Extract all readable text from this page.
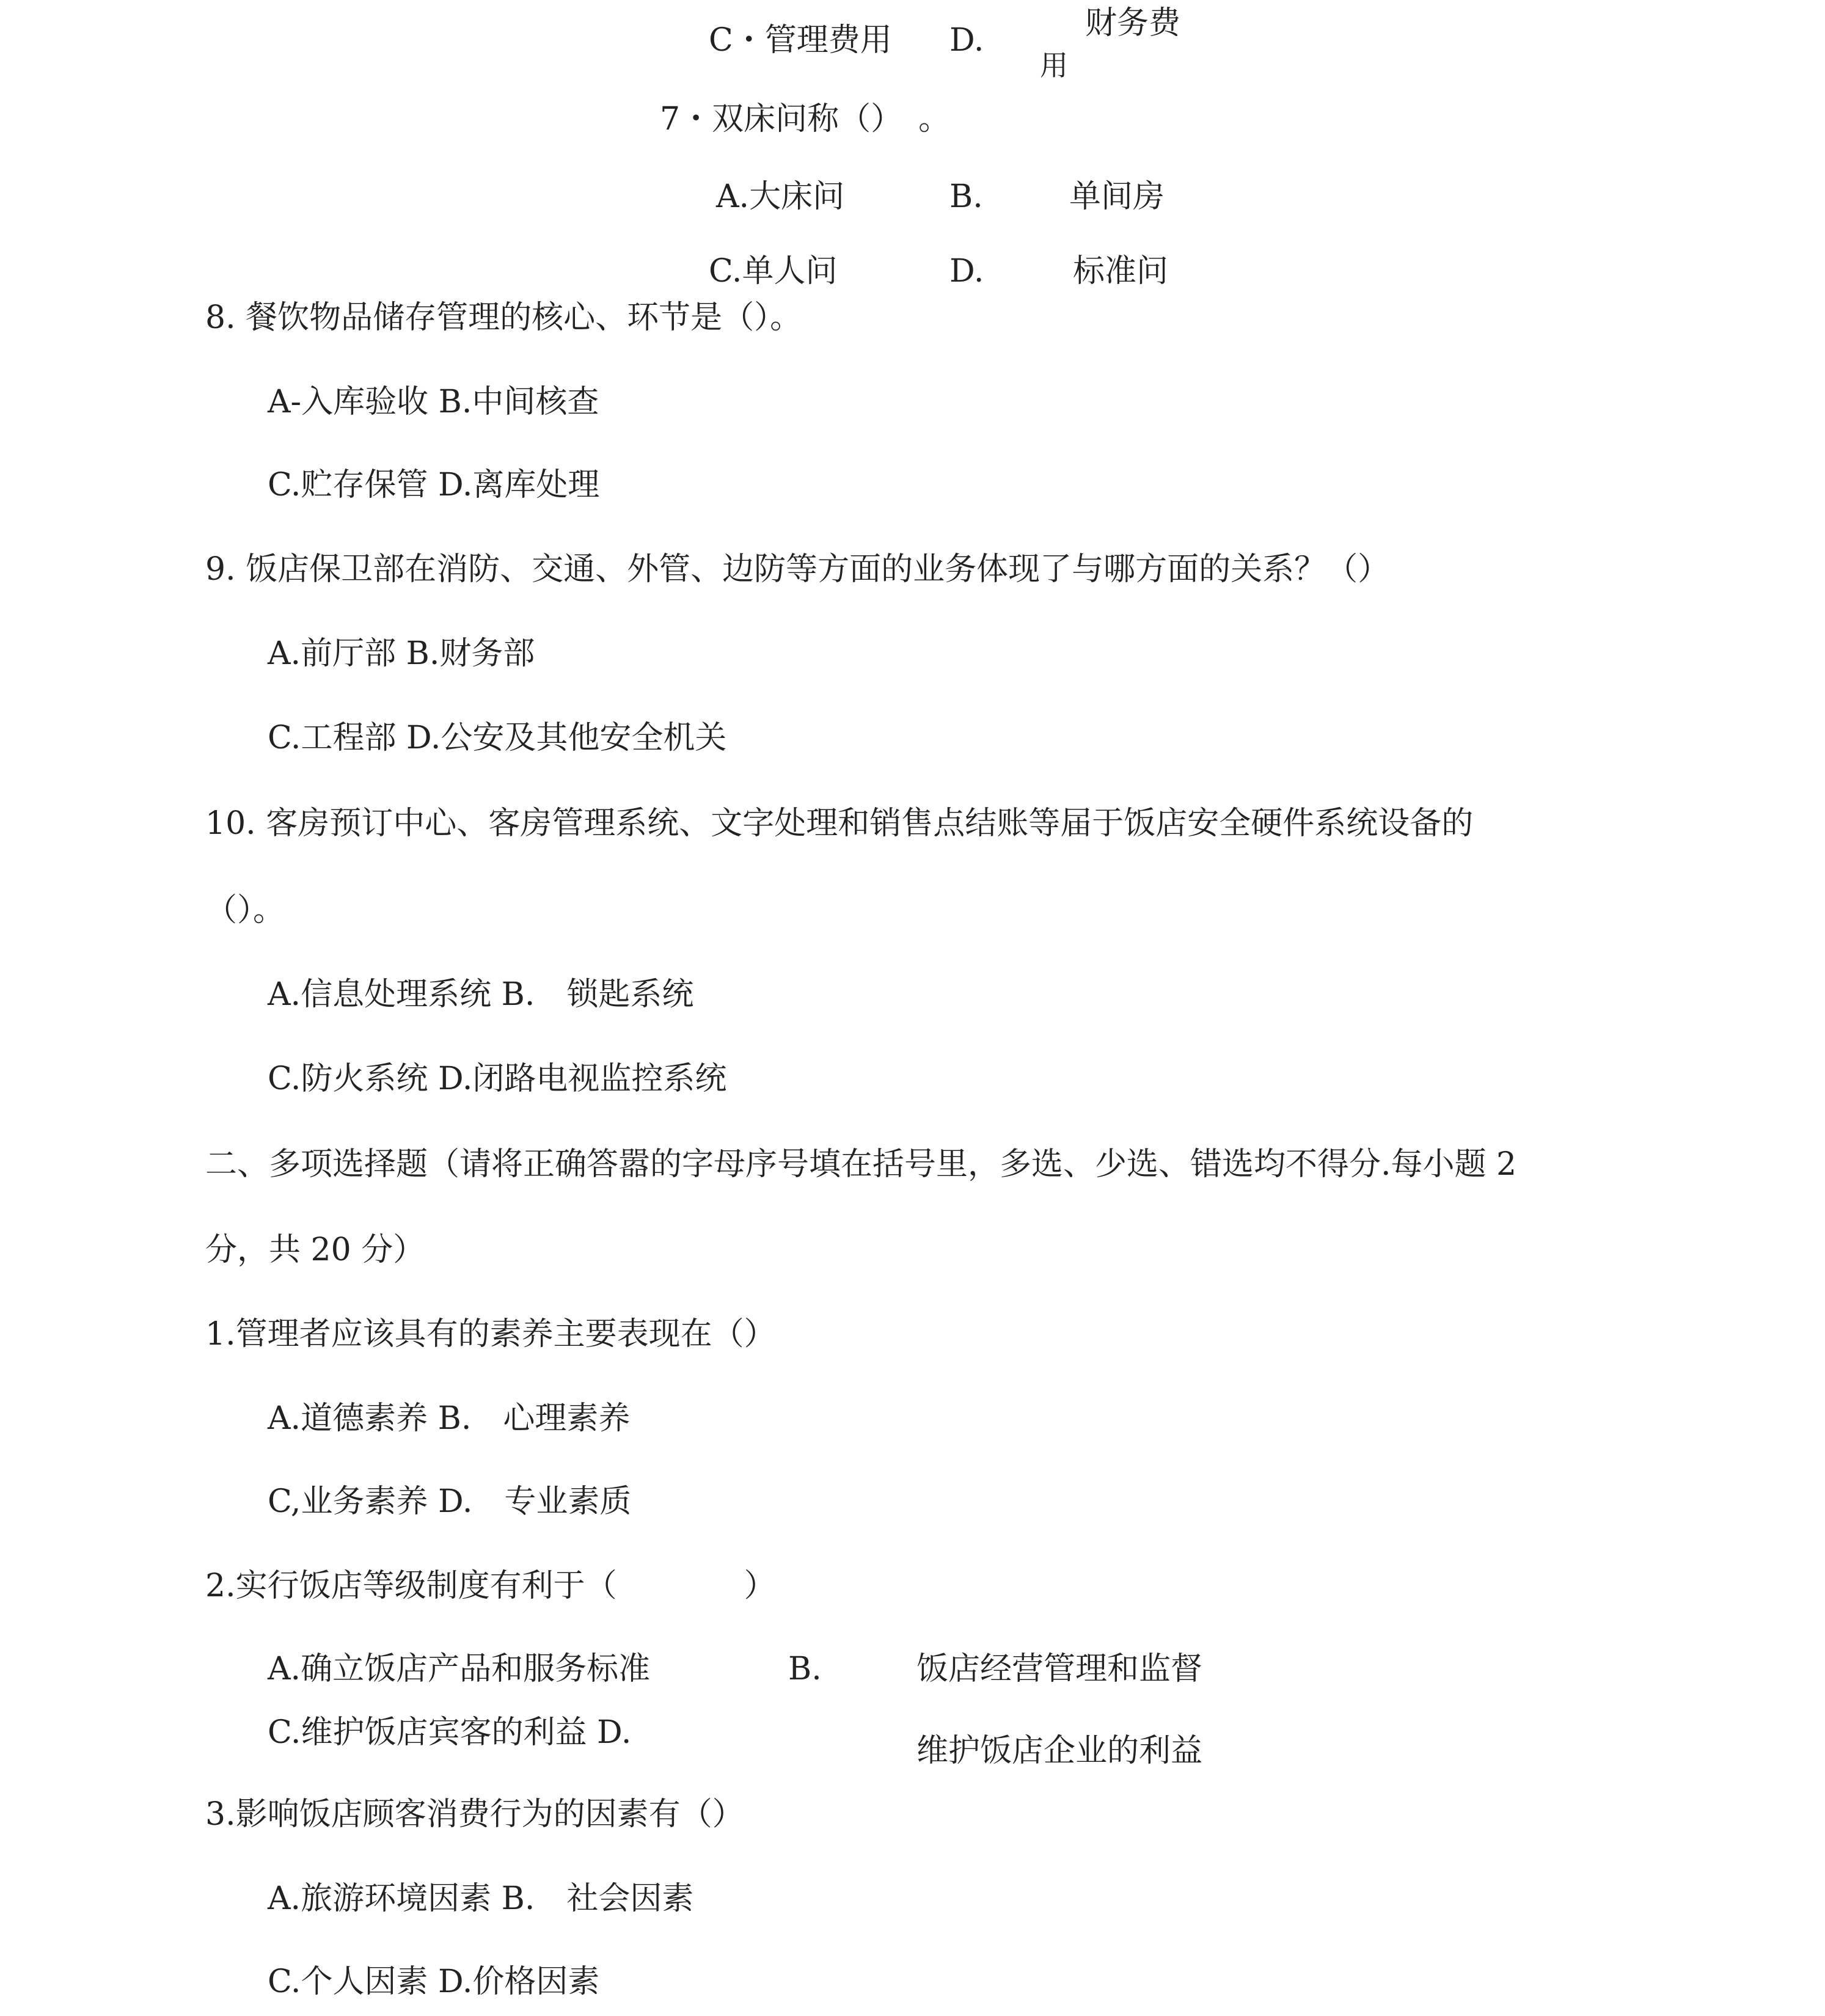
C・管理费用 D.	财务费

用

7・双床问称（）　。

A.大床问	B.	单间房

C.单人问	D.	标准问

8. 餐饮物品储存管理的核心、环节是（）。

A-入库验收 B.中间核查

C.贮存保管 D.离库处理

9. 饭店保卫部在消防、交通、外管、边防等方面的业务体现了与哪方面的关系？（）

A.前厅部 B.财务部

C.工程部 D.公安及其他安全机关

10. 客房预订中心、客房管理系统、文字处理和销售点结账等届于饭店安全硬件系统设备的

（）。

A.信息处理系统 B.　锁匙系统

C.防火系统 D.闭路电视监控系统

二、多项选择题（请将正确答嚣的字母序号填在括号里，多选、少选、错选均不得分.每小题 2

分，共 20 分）

1.管理者应该具有的素养主要表现在（）

A.道德素养 B.　心理素养

C,业务素养 D.　专业素质

2.实行饭店等级制度有利于（　　　　）

A.确立饭店产品和服务标准	B.	饭店经营管理和监督

C.维护饭店宾客的利益 D.	维护饭店企业的利益

3.影响饭店顾客消费行为的因素有（）

A.旅游环境因素 B.　社会因素

C.个人因素 D.价格因素
